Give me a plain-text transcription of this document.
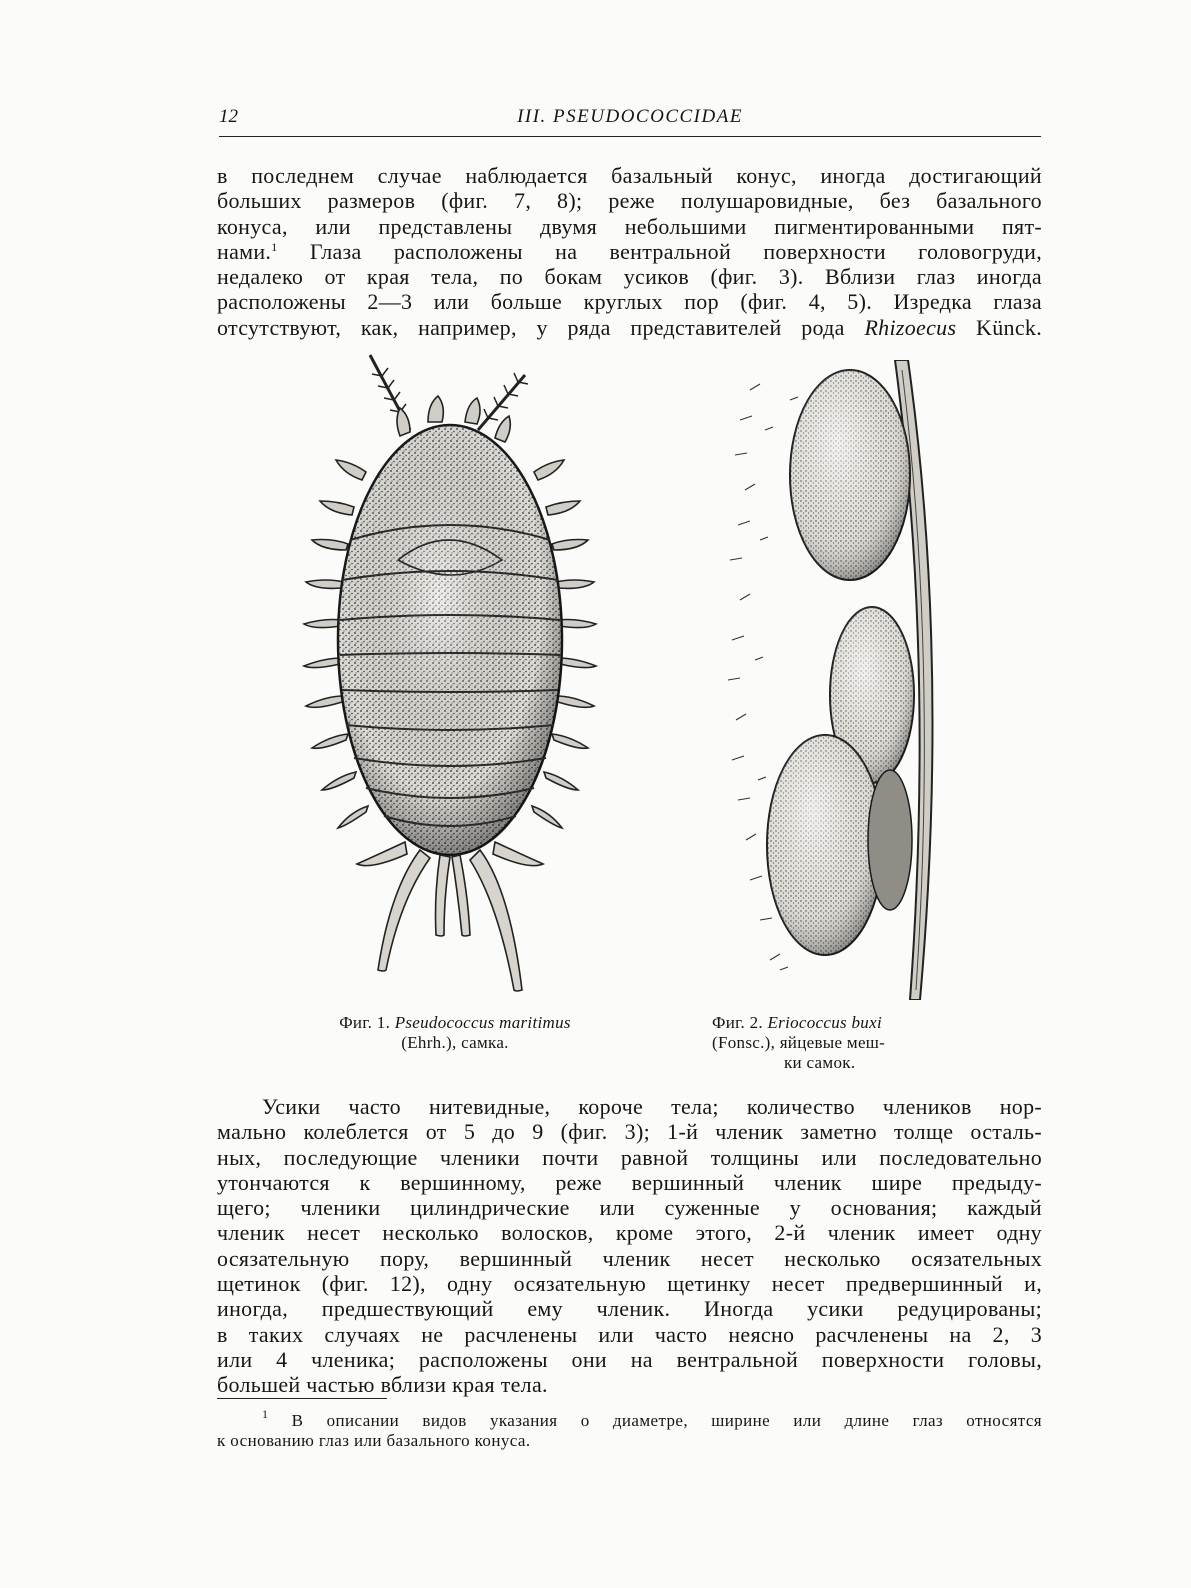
12	III. PSEUDOCOCCIDAE

в последнем случае наблюдается базальный конус, иногда достигающий
больших размеров (фиг. 7, 8); реже полушаровидные, без базального
конуса, или представлены двумя небольшими пигментированными пят-
нами.$^1$ Глаза расположены на вентральной поверхности головогруди,
недалеко от края тела, по бокам усиков (фиг. 3). Вблизи глаз иногда
расположены 2—3 или больше круглых пор (фиг. 4, 5). Изредка глаза
отсутствуют, как, например, у ряда представителей рода Rhizoecus Künck.

Фиг. 1. Pseudococcus maritimus
(Ehrh.), самка.
Фиг. 2. Eriococcus buxi
(Fonsc.), яйцевые меш-
ки самок.

Усики часто нитевидные, короче тела; количество члеников нор-
мально колеблется от 5 до 9 (фиг. 3); 1-й членик заметно толще осталь-
ных, последующие членики почти равной толщины или последовательно
утончаются к вершинному, реже вершинный членик шире предыду-
щего; членики цилиндрические или суженные у основания; каждый
членик несет несколько волосков, кроме этого, 2-й членик имеет одну
осязательную пору, вершинный членик несет несколько осязательных
щетинок (фиг. 12), одну осязательную щетинку несет предвершинный и,
иногда, предшествующий ему членик. Иногда усики редуцированы;
в таких случаях не расчленены или часто неясно расчленены на 2, 3
или 4 членика; расположены они на вентральной поверхности головы,
большей частью вблизи края тела.

$^1$ В описании видов указания о диаметре, ширине или длине глаз относятся
к основанию глаз или базального конуса.
